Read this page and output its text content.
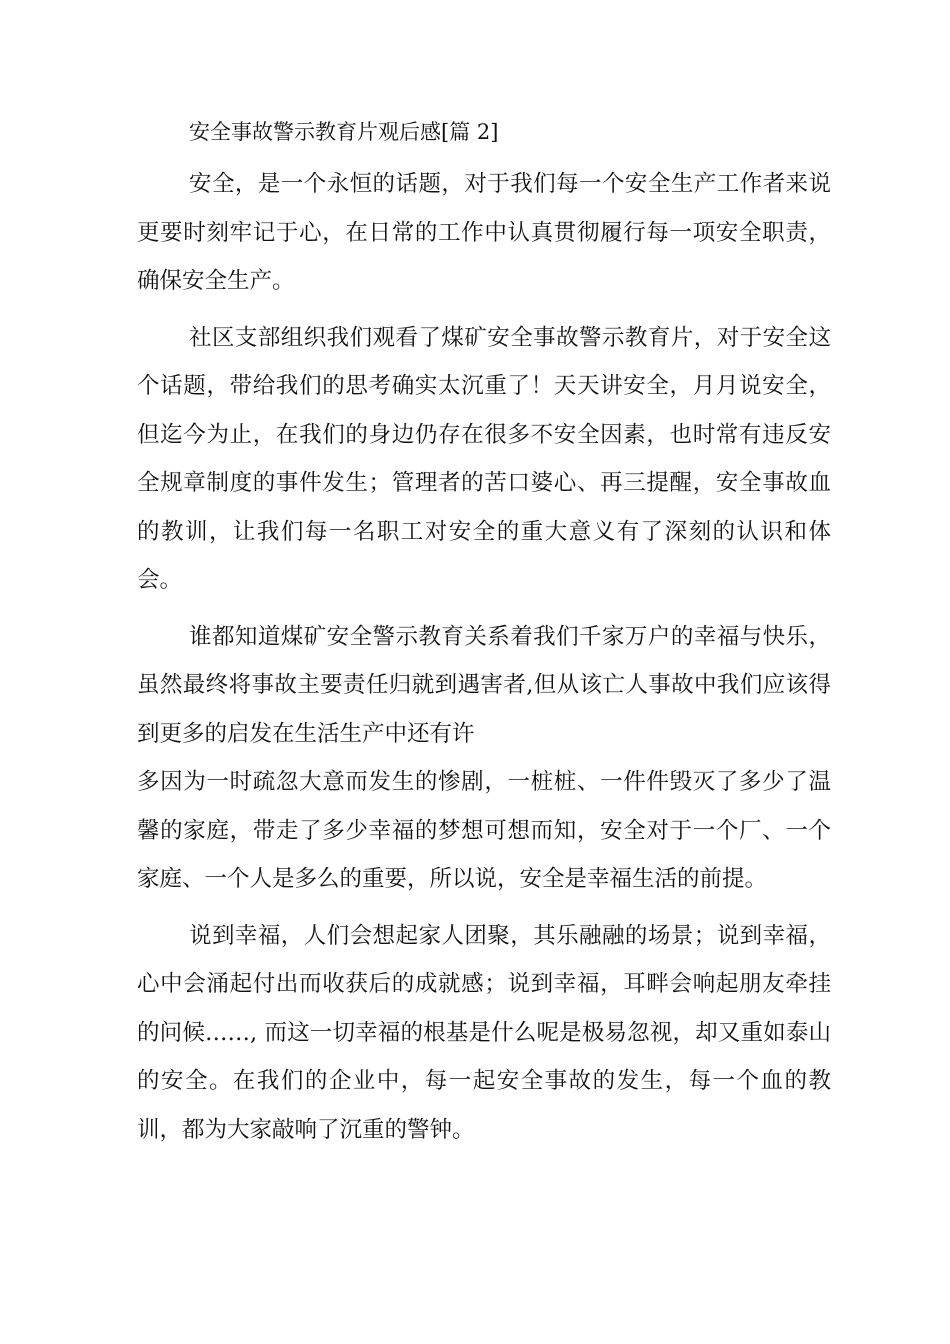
安全事故警示教育片观后感[篇 2]

安全，是一个永恒的话题，对于我们每一个安全生产工作者来说更要时刻牢记于心，在日常的工作中认真贯彻履行每一项安全职责，确保安全生产。

社区支部组织我们观看了煤矿安全事故警示教育片，对于安全这个话题，带给我们的思考确实太沉重了！天天讲安全，月月说安全，但迄今为止，在我们的身边仍存在很多不安全因素，也时常有违反安全规章制度的事件发生；管理者的苦口婆心、再三提醒，安全事故血的教训，让我们每一名职工对安全的重大意义有了深刻的认识和体会。

谁都知道煤矿安全警示教育关系着我们千家万户的幸福与快乐，虽然最终将事故主要责任归就到遇害者,但从该亡人事故中我们应该得到更多的启发在生活生产中还有许

多因为一时疏忽大意而发生的惨剧，一桩桩、一件件毁灭了多少了温馨的家庭，带走了多少幸福的梦想可想而知，安全对于一个厂、一个家庭、一个人是多么的重要，所以说，安全是幸福生活的前提。

说到幸福，人们会想起家人团聚，其乐融融的场景；说到幸福，心中会涌起付出而收获后的成就感；说到幸福，耳畔会响起朋友牵挂的问候……, 而这一切幸福的根基是什么呢是极易忽视，却又重如泰山的安全。在我们的企业中，每一起安全事故的发生，每一个血的教训，都为大家敲响了沉重的警钟。
